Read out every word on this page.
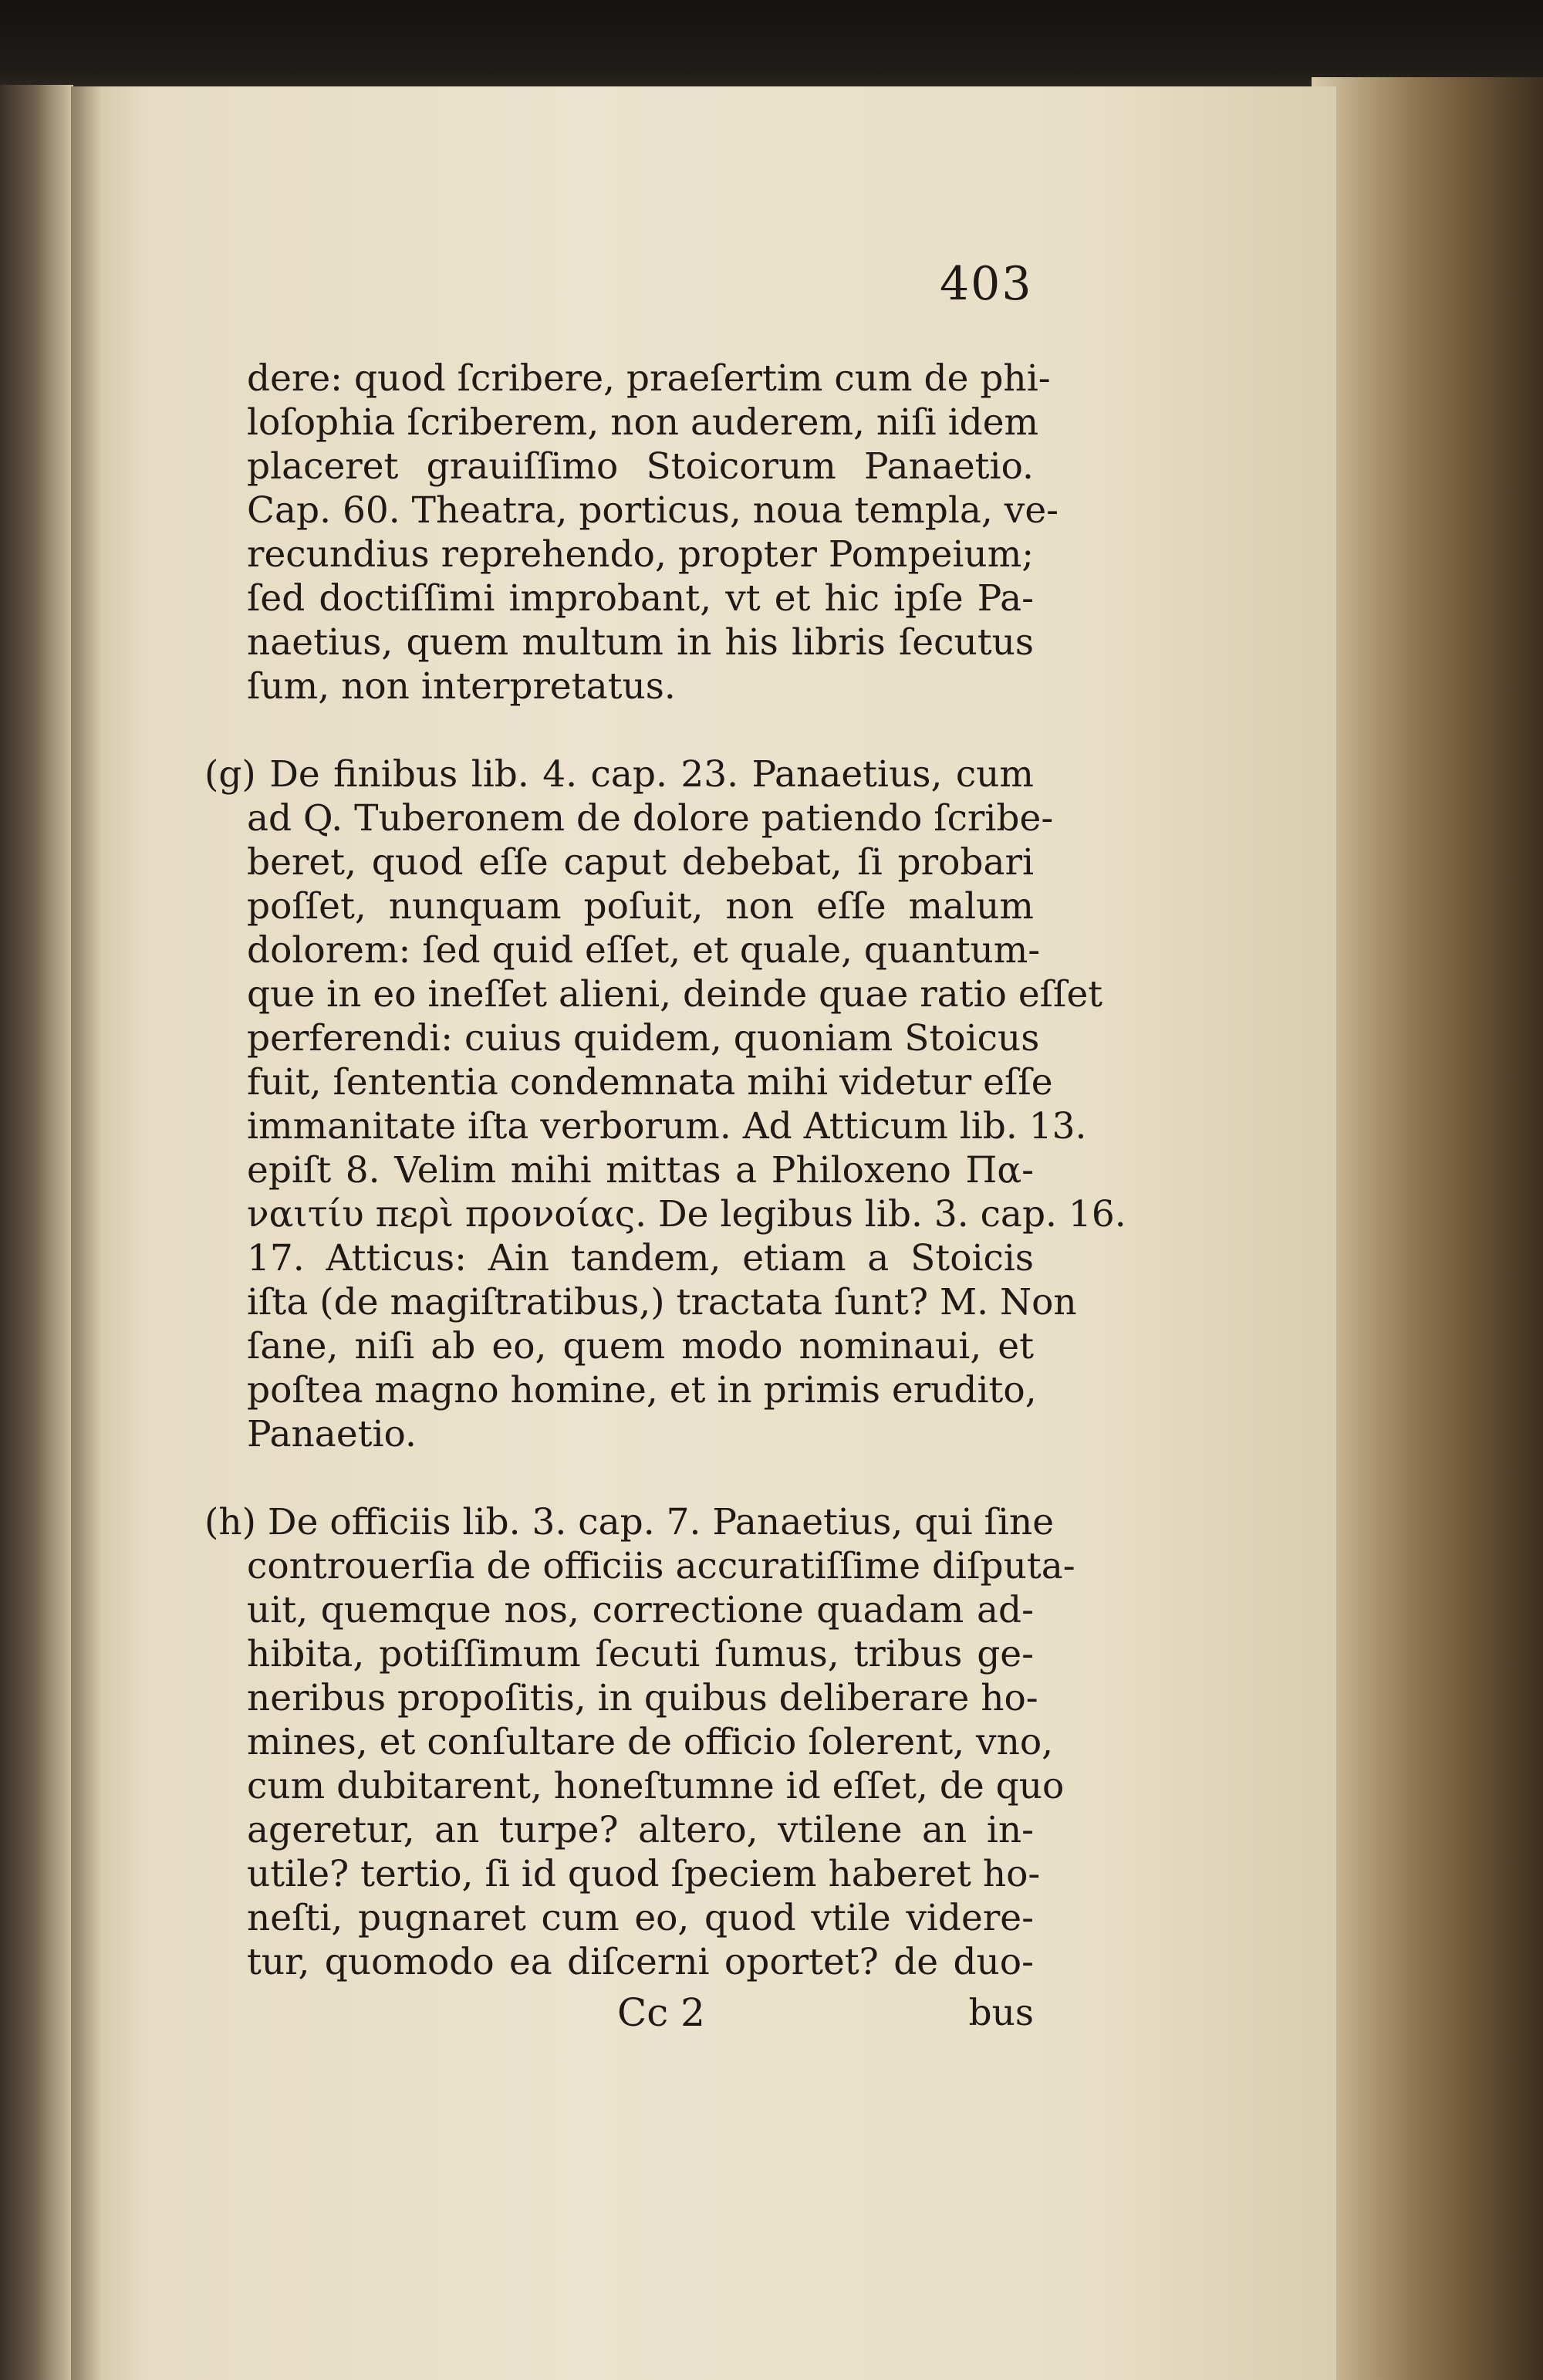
403
dere: quod ſcribere, praeſertim cum de phi-
loſophia ſcriberem, non auderem, niſi idem
placeret grauiſſimo Stoicorum Panaetio.
Cap. 60. Theatra, porticus, noua templa, ve-
recundius reprehendo, propter Pompeium;
ſed doctiſſimi improbant, vt et hic ipſe Pa-
naetius, quem multum in his libris ſecutus
ſum, non interpretatus.
(g) De finibus lib. 4. cap. 23. Panaetius, cum
ad Q. Tuberonem de dolore patiendo ſcribe-
beret, quod eſſe caput debebat, ſi probari
poſſet, nunquam poſuit, non eſſe malum
dolorem: ſed quid eſſet, et quale, quantum-
que in eo ineſſet alieni, deinde quae ratio eſſet
perferendi: cuius quidem, quoniam Stoicus
fuit, ſententia condemnata mihi videtur eſſe
immanitate iſta verborum. Ad Atticum lib. 13.
epiſt 8. Velim mihi mittas a Philoxeno Πα-
ναιτίυ περὶ προνοίας. De legibus lib. 3. cap. 16.
17. Atticus: Ain tandem, etiam a Stoicis
iſta (de magiſtratibus,) tractata ſunt? M. Non
ſane, niſi ab eo, quem modo nominaui, et
poſtea magno homine, et in primis erudito,
Panaetio.
(h) De officiis lib. 3. cap. 7. Panaetius, qui ſine
controuerſia de officiis accuratiſſime diſputa-
uit, quemque nos, correctione quadam ad-
hibita, potiſſimum ſecuti ſumus, tribus ge-
neribus propoſitis, in quibus deliberare ho-
mines, et conſultare de officio ſolerent, vno,
cum dubitarent, honeſtumne id eſſet, de quo
ageretur, an turpe? altero, vtilene an in-
utile? tertio, ſi id quod ſpeciem haberet ho-
neſti, pugnaret cum eo, quod vtile videre-
tur, quomodo ea diſcerni oportet? de duo-
Cc 2	bus
